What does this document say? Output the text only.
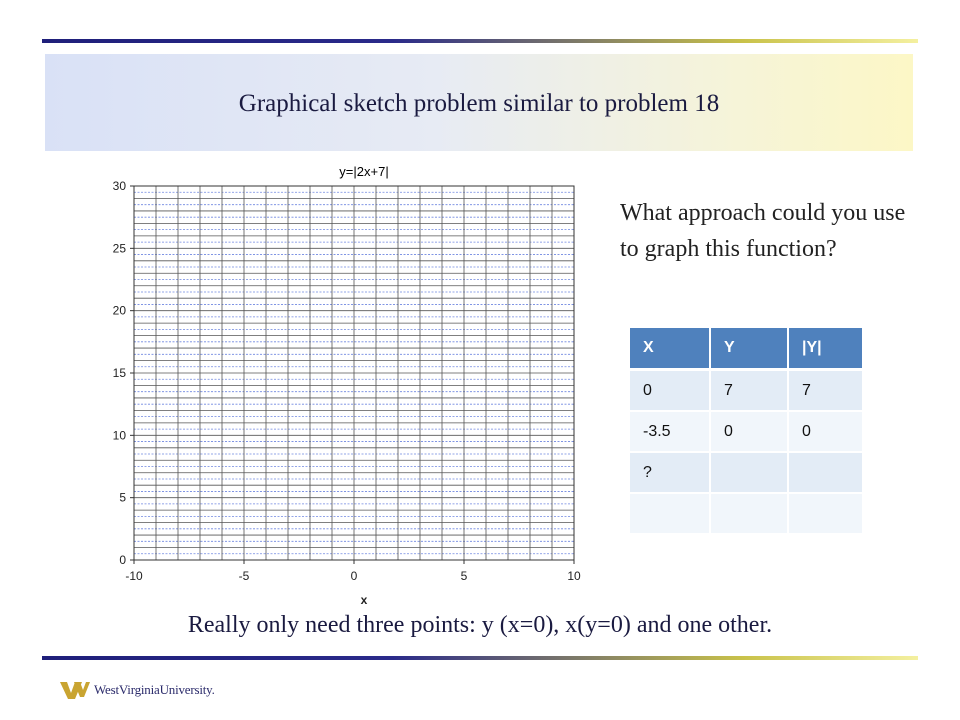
Graphical sketch problem similar to problem 18
0
5
10
15
20
25
30
-10	-5	0	5	10
y=|2x+7|
x

What approach could you use to graph this function?

X	Y	|Y|
0	7	7
-3.5	0	0
?		

Really only need three points: y (x=0), x(y=0) and one other.

WestVirginiaUniversity.
